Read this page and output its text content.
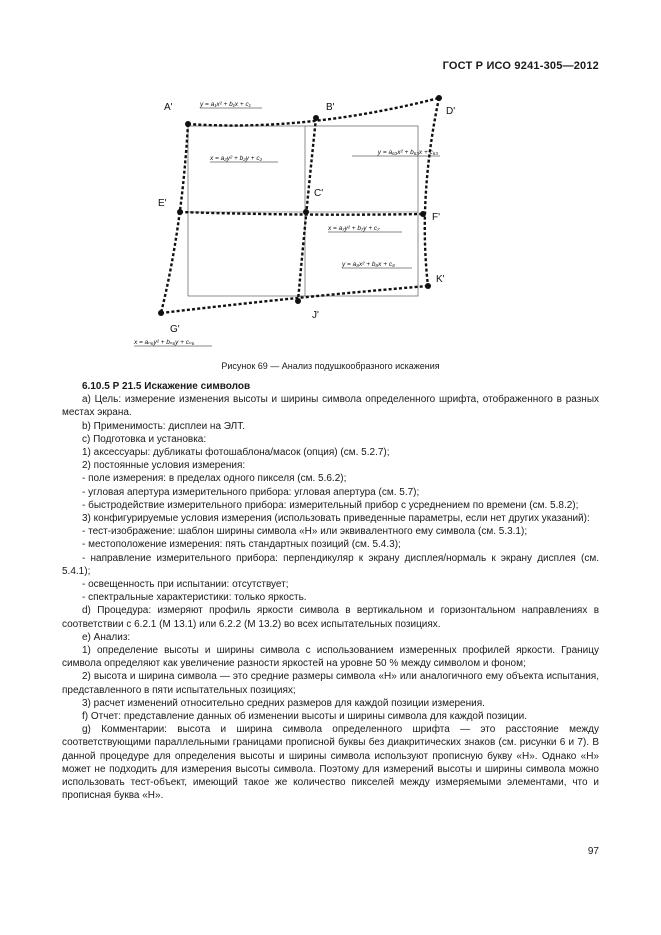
ГОСТ Р ИСО 9241-305—2012
A'	B'	D'
E'
C'
F'
G'
J'
K'
y = a₁x² + b₁x + c₁
x = a₂y² + b₂y + c₂
y = a₆₃x² + b₆₃x + c₆₃
x = a₇y² + b₇y + c₇
y = a₈x² + b₈x + c₈
x = aₙ₆y² + bₙ₆y + cₙ₆
Рисунок 69 — Анализ подушкообразного искажения
6.10.5 Р 21.5 Искажение символов
а) Цель: измерение изменения высоты и ширины символа определенного шрифта, отображенного в разных местах экрана.
b) Применимость: дисплеи на ЭЛТ.
с) Подготовка и установка:
1) аксессуары: дубликаты фотошаблона/масок (опция) (см. 5.2.7);
2) постоянные условия измерения:
- поле измерения: в пределах одного пикселя (см. 5.6.2);
- угловая апертура измерительного прибора: угловая апертура (см. 5.7);
- быстродействие измерительного прибора: измерительный прибор с усреднением по времени (см. 5.8.2);
3) конфигурируемые условия измерения (использовать приведенные параметры, если нет других указаний):
- тест-изображение: шаблон ширины символа «Н» или эквивалентного ему символа (см. 5.3.1);
- местоположение измерения: пять стандартных позиций (см. 5.4.3);
- направление измерительного прибора: перпендикуляр к экрану дисплея/нормаль к экрану дисплея (см. 5.4.1);
- освещенность при испытании: отсутствует;
- спектральные характеристики: только яркость.
d) Процедура: измеряют профиль яркости символа в вертикальном и горизонтальном направлениях в соответствии с 6.2.1 (М 13.1) или 6.2.2 (М 13.2) во всех испытательных позициях.
е) Анализ:
1) определение высоты и ширины символа с использованием измеренных профилей яркости. Границу символа определяют как увеличение разности яркостей на уровне 50 % между символом и фоном;
2) высота и ширина символа — это средние размеры символа «Н» или аналогичного ему объекта испытания, представленного в пяти испытательных позициях;
3) расчет изменений относительно средних размеров для каждой позиции измерения.
f) Отчет: представление данных об изменении высоты и ширины символа для каждой позиции.
g) Комментарии: высота и ширина символа определенного шрифта — это расстояние между соответствующими параллельными границами прописной буквы без диакритических знаков (см. рисунки 6 и 7). В данной процедуре для определения высоты и ширины символа используют прописную букву «Н». Однако «Н» может не подходить для измерения высоты символа. Поэтому для измерений высоты и ширины символа можно использовать тест-объект, имеющий такое же количество пикселей между измеряемыми элементами, что и прописная буква «Н».
97
